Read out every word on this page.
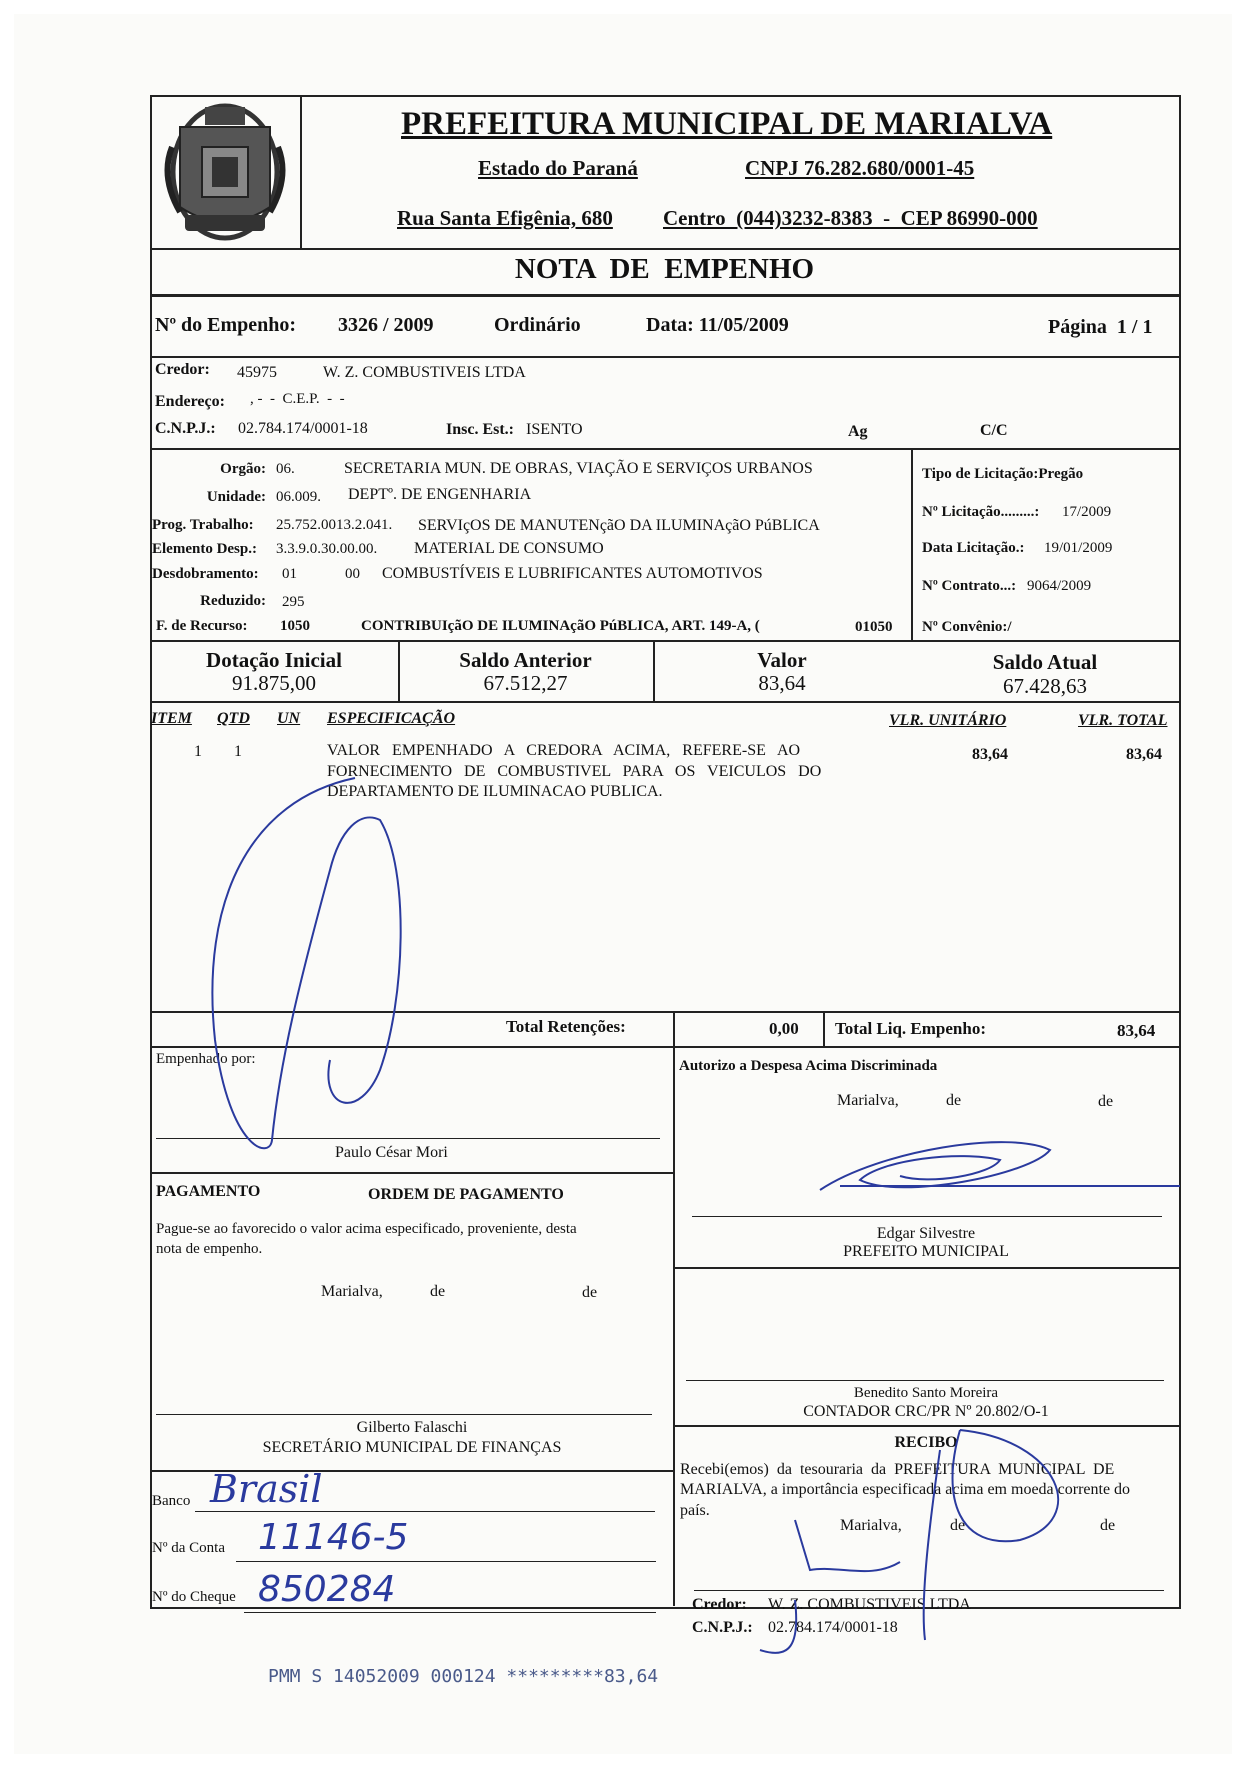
PREFEITURA MUNICIPAL DE MARIALVA
Estado do Paraná	CNPJ 76.282.680/0001-45
Rua Santa Efigênia, 680 Centro  (044)3232-8383  -  CEP 86990-000
NOTA  DE  EMPENHO
Nº do Empenho: 3326 / 2009	Ordinário	Data: 11/05/2009	Página  1 / 1
Credor: 45975	W. Z. COMBUSTIVEIS LTDA
Endereço: , -  -  C.E.P.  -  -
C.N.P.J.: 02.784.174/0001-18	Insc. Est.: ISENTO	Ag	C/C
Orgão: 06.	SECRETARIA MUN. DE OBRAS, VIAÇÃO E SERVIÇOS URBANOS
Unidade: 06.009. DEPTº. DE ENGENHARIA
Prog. Trabalho: 25.752.0013.2.041. SERVIçOS DE MANUTENçãO DA ILUMINAçãO PúBLICA
Elemento Desp.: 3.3.9.0.30.00.00. MATERIAL DE CONSUMO
Desdobramento: 01	00 COMBUSTÍVEIS E LUBRIFICANTES AUTOMOTIVOS
Reduzido: 295
F. de Recurso: 1050	CONTRIBUIçãO DE ILUMINAçãO PúBLICA, ART. 149-A, (	01050
Tipo de Licitação:Pregão
Nº Licitação.........: 17/2009
Data Licitação.: 19/01/2009
Nº Contrato...: 9064/2009
Nº Convênio:/
Dotação Inicial
91.875,00
Saldo Anterior
67.512,27
Valor
83,64
Saldo Atual
67.428,63
ITEM QTD UN ESPECIFICAÇÃO	VLR. UNITÁRIO	VLR. TOTAL
1 1	VALOR   EMPENHADO   A   CREDORA   ACIMA,   REFERE-SE   AO
FORNECIMENTO   DE   COMBUSTIVEL   PARA   OS   VEICULOS   DO
DEPARTAMENTO DE ILUMINACAO PUBLICA.
83,64	83,64
Total Retenções:	0,00 Total Liq. Empenho:	83,64
Empenhado por:
Paulo César Mori
Autorizo a Despesa Acima Discriminada
Marialva,	de	de
Edgar Silvestre
PREFEITO MUNICIPAL
PAGAMENTO	ORDEM DE PAGAMENTO
Pague-se ao favorecido o valor acima especificado, proveniente, desta
nota de empenho.
Marialva,	de	de
Gilberto Falaschi
SECRETÁRIO MUNICIPAL DE FINANÇAS
Benedito Santo Moreira
CONTADOR CRC/PR Nº 20.802/O-1
RECIBO
Recebi(emos)  da  tesouraria  da  PREFEITURA  MUNICIPAL  DE
MARIALVA, a importância especificada acima em moeda corrente do
país.
Marialva,	de	de
Credor: W. Z. COMBUSTIVEIS LTDA
C.N.P.J.: 02.784.174/0001-18
Banco
Nº da Conta
Nº do Cheque
Brasil
11146-5
850284
PMM S 14052009 000124 *********83,64
